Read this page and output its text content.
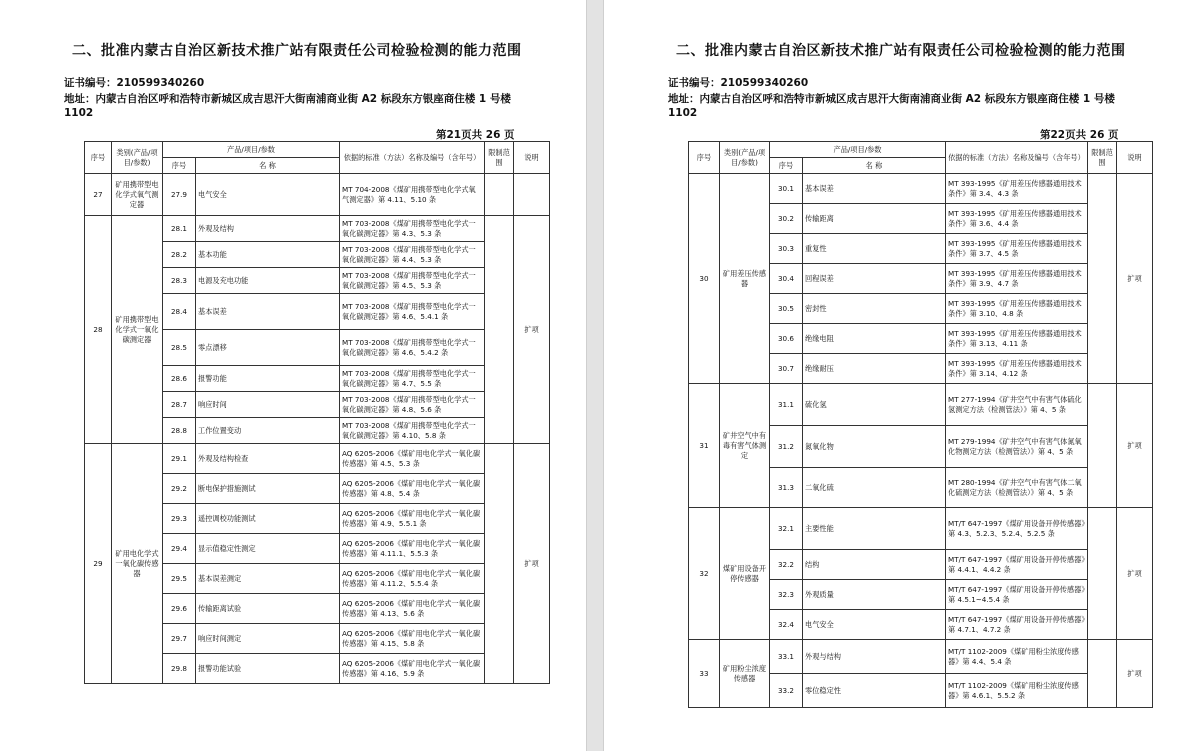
二、批准内蒙古自治区新技术推广站有限责任公司检验检测的能力范围
证书编号：210599340260
地址：内蒙古自治区呼和浩特市新城区成吉思汗大街南浦商业街 A2 标段东方银座商住楼 1 号楼 1102
第21页共 26 页
序号	类别(产品/项目/参数)	产品/项目/参数		依据的标准（方法）名称及编号（含年号）	限制范围	说明
		序号	名 称			
27	矿用携带型电化学式氧气测定器	27.9	电气安全	MT 704-2008《煤矿用携带型电化学式氧气测定器》第 4.11、5.10 条		
28	矿用携带型电化学式一氧化碳测定器	28.1	外观及结构	MT 703-2008《煤矿用携带型电化学式一氧化碳测定器》第 4.3、5.3 条		扩项
		28.2	基本功能	MT 703-2008《煤矿用携带型电化学式一氧化碳测定器》第 4.4、5.3 条		
		28.3	电源及充电功能	MT 703-2008《煤矿用携带型电化学式一氧化碳测定器》第 4.5、5.3 条		
		28.4	基本误差	MT 703-2008《煤矿用携带型电化学式一氧化碳测定器》第 4.6、5.4.1 条		
		28.5	零点漂移	MT 703-2008《煤矿用携带型电化学式一氧化碳测定器》第 4.6、5.4.2 条		
		28.6	报警功能	MT 703-2008《煤矿用携带型电化学式一氧化碳测定器》第 4.7、5.5 条		
		28.7	响应时间	MT 703-2008《煤矿用携带型电化学式一氧化碳测定器》第 4.8、5.6 条		
		28.8	工作位置变动	MT 703-2008《煤矿用携带型电化学式一氧化碳测定器》第 4.10、5.8 条		
29	矿用电化学式一氧化碳传感器	29.1	外观及结构检查	AQ 6205-2006《煤矿用电化学式一氧化碳传感器》第 4.5、5.3 条		扩项
		29.2	断电保护措施测试	AQ 6205-2006《煤矿用电化学式一氧化碳传感器》第 4.8、5.4 条		
		29.3	遥控调校功能测试	AQ 6205-2006《煤矿用电化学式一氧化碳传感器》第 4.9、5.5.1 条		
		29.4	显示值稳定性测定	AQ 6205-2006《煤矿用电化学式一氧化碳传感器》第 4.11.1、5.5.3 条		
		29.5	基本误差测定	AQ 6205-2006《煤矿用电化学式一氧化碳传感器》第 4.11.2、5.5.4 条		
		29.6	传输距离试验	AQ 6205-2006《煤矿用电化学式一氧化碳传感器》第 4.13、5.6 条		
		29.7	响应时间测定	AQ 6205-2006《煤矿用电化学式一氧化碳传感器》第 4.15、5.8 条		
		29.8	报警功能试验	AQ 6205-2006《煤矿用电化学式一氧化碳传感器》第 4.16、5.9 条		
二、批准内蒙古自治区新技术推广站有限责任公司检验检测的能力范围
证书编号：210599340260
地址：内蒙古自治区呼和浩特市新城区成吉思汗大街南浦商业街 A2 标段东方银座商住楼 1 号楼 1102
第22页共 26 页
序号	类别(产品/项目/参数)	产品/项目/参数		依据的标准（方法）名称及编号（含年号）	限制范围	说明
		序号	名 称			
30	矿用差压传感器	30.1	基本误差	MT 393-1995《矿用差压传感器通用技术条件》第 3.4、4.3 条		扩项
		30.2	传输距离	MT 393-1995《矿用差压传感器通用技术条件》第 3.6、4.4 条		
		30.3	重复性	MT 393-1995《矿用差压传感器通用技术条件》第 3.7、4.5 条		
		30.4	回程误差	MT 393-1995《矿用差压传感器通用技术条件》第 3.9、4.7 条		
		30.5	密封性	MT 393-1995《矿用差压传感器通用技术条件》第 3.10、4.8 条		
		30.6	绝缘电阻	MT 393-1995《矿用差压传感器通用技术条件》第 3.13、4.11 条		
		30.7	绝缘耐压	MT 393-1995《矿用差压传感器通用技术条件》第 3.14、4.12 条		
31	矿井空气中有毒有害气体测定	31.1	硫化氢	MT 277-1994《矿井空气中有害气体硫化氢测定方法（检测管法）》第 4、5 条		扩项
		31.2	氮氧化物	MT 279-1994《矿井空气中有害气体氮氧化物测定方法（检测管法）》第 4、5 条		
		31.3	二氧化硫	MT 280-1994《矿井空气中有害气体二氧化硫测定方法（检测管法）》第 4、5 条		
32	煤矿用设备开停传感器	32.1	主要性能	MT/T 647-1997《煤矿用设备开停传感器》第 4.3、5.2.3、5.2.4、5.2.5 条		扩项
		32.2	结构	MT/T 647-1997《煤矿用设备开停传感器》第 4.4.1、4.4.2 条		
		32.3	外观质量	MT/T 647-1997《煤矿用设备开停传感器》第 4.5.1~4.5.4 条		
		32.4	电气安全	MT/T 647-1997《煤矿用设备开停传感器》第 4.7.1、4.7.2 条		
33	矿用粉尘浓度传感器	33.1	外观与结构	MT/T 1102-2009《煤矿用粉尘浓度传感器》第 4.4、5.4 条		扩项
		33.2	零位稳定性	MT/T 1102-2009《煤矿用粉尘浓度传感器》第 4.6.1、5.5.2 条		
